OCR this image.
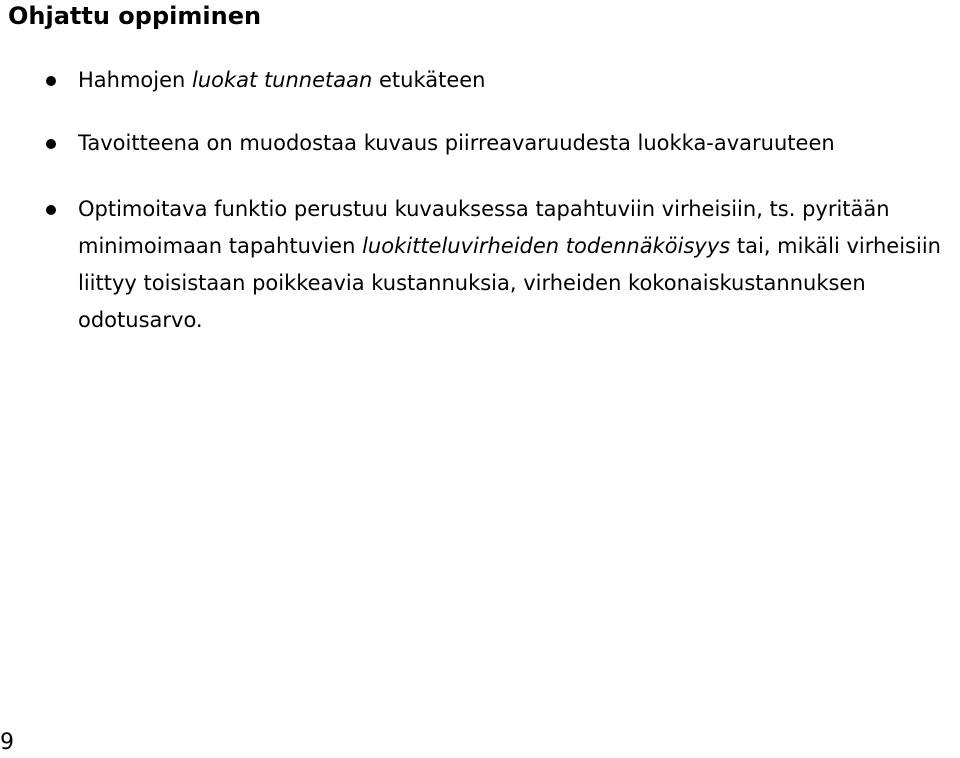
Ohjattu oppiminen
Hahmojen luokat tunnetaan etukäteen
Tavoitteena on muodostaa kuvaus piirreavaruudesta luokka-avaruuteen
Optimoitava funktio perustuu kuvauksessa tapahtuviin virheisiin, ts. pyritään minimoimaan tapahtuvien luokitteluvirheiden todennäköisyys tai, mikäli virheisiin liittyy toisistaan poikkeavia kustannuksia, virheiden kokonaiskustannuksen odotusarvo.
9
